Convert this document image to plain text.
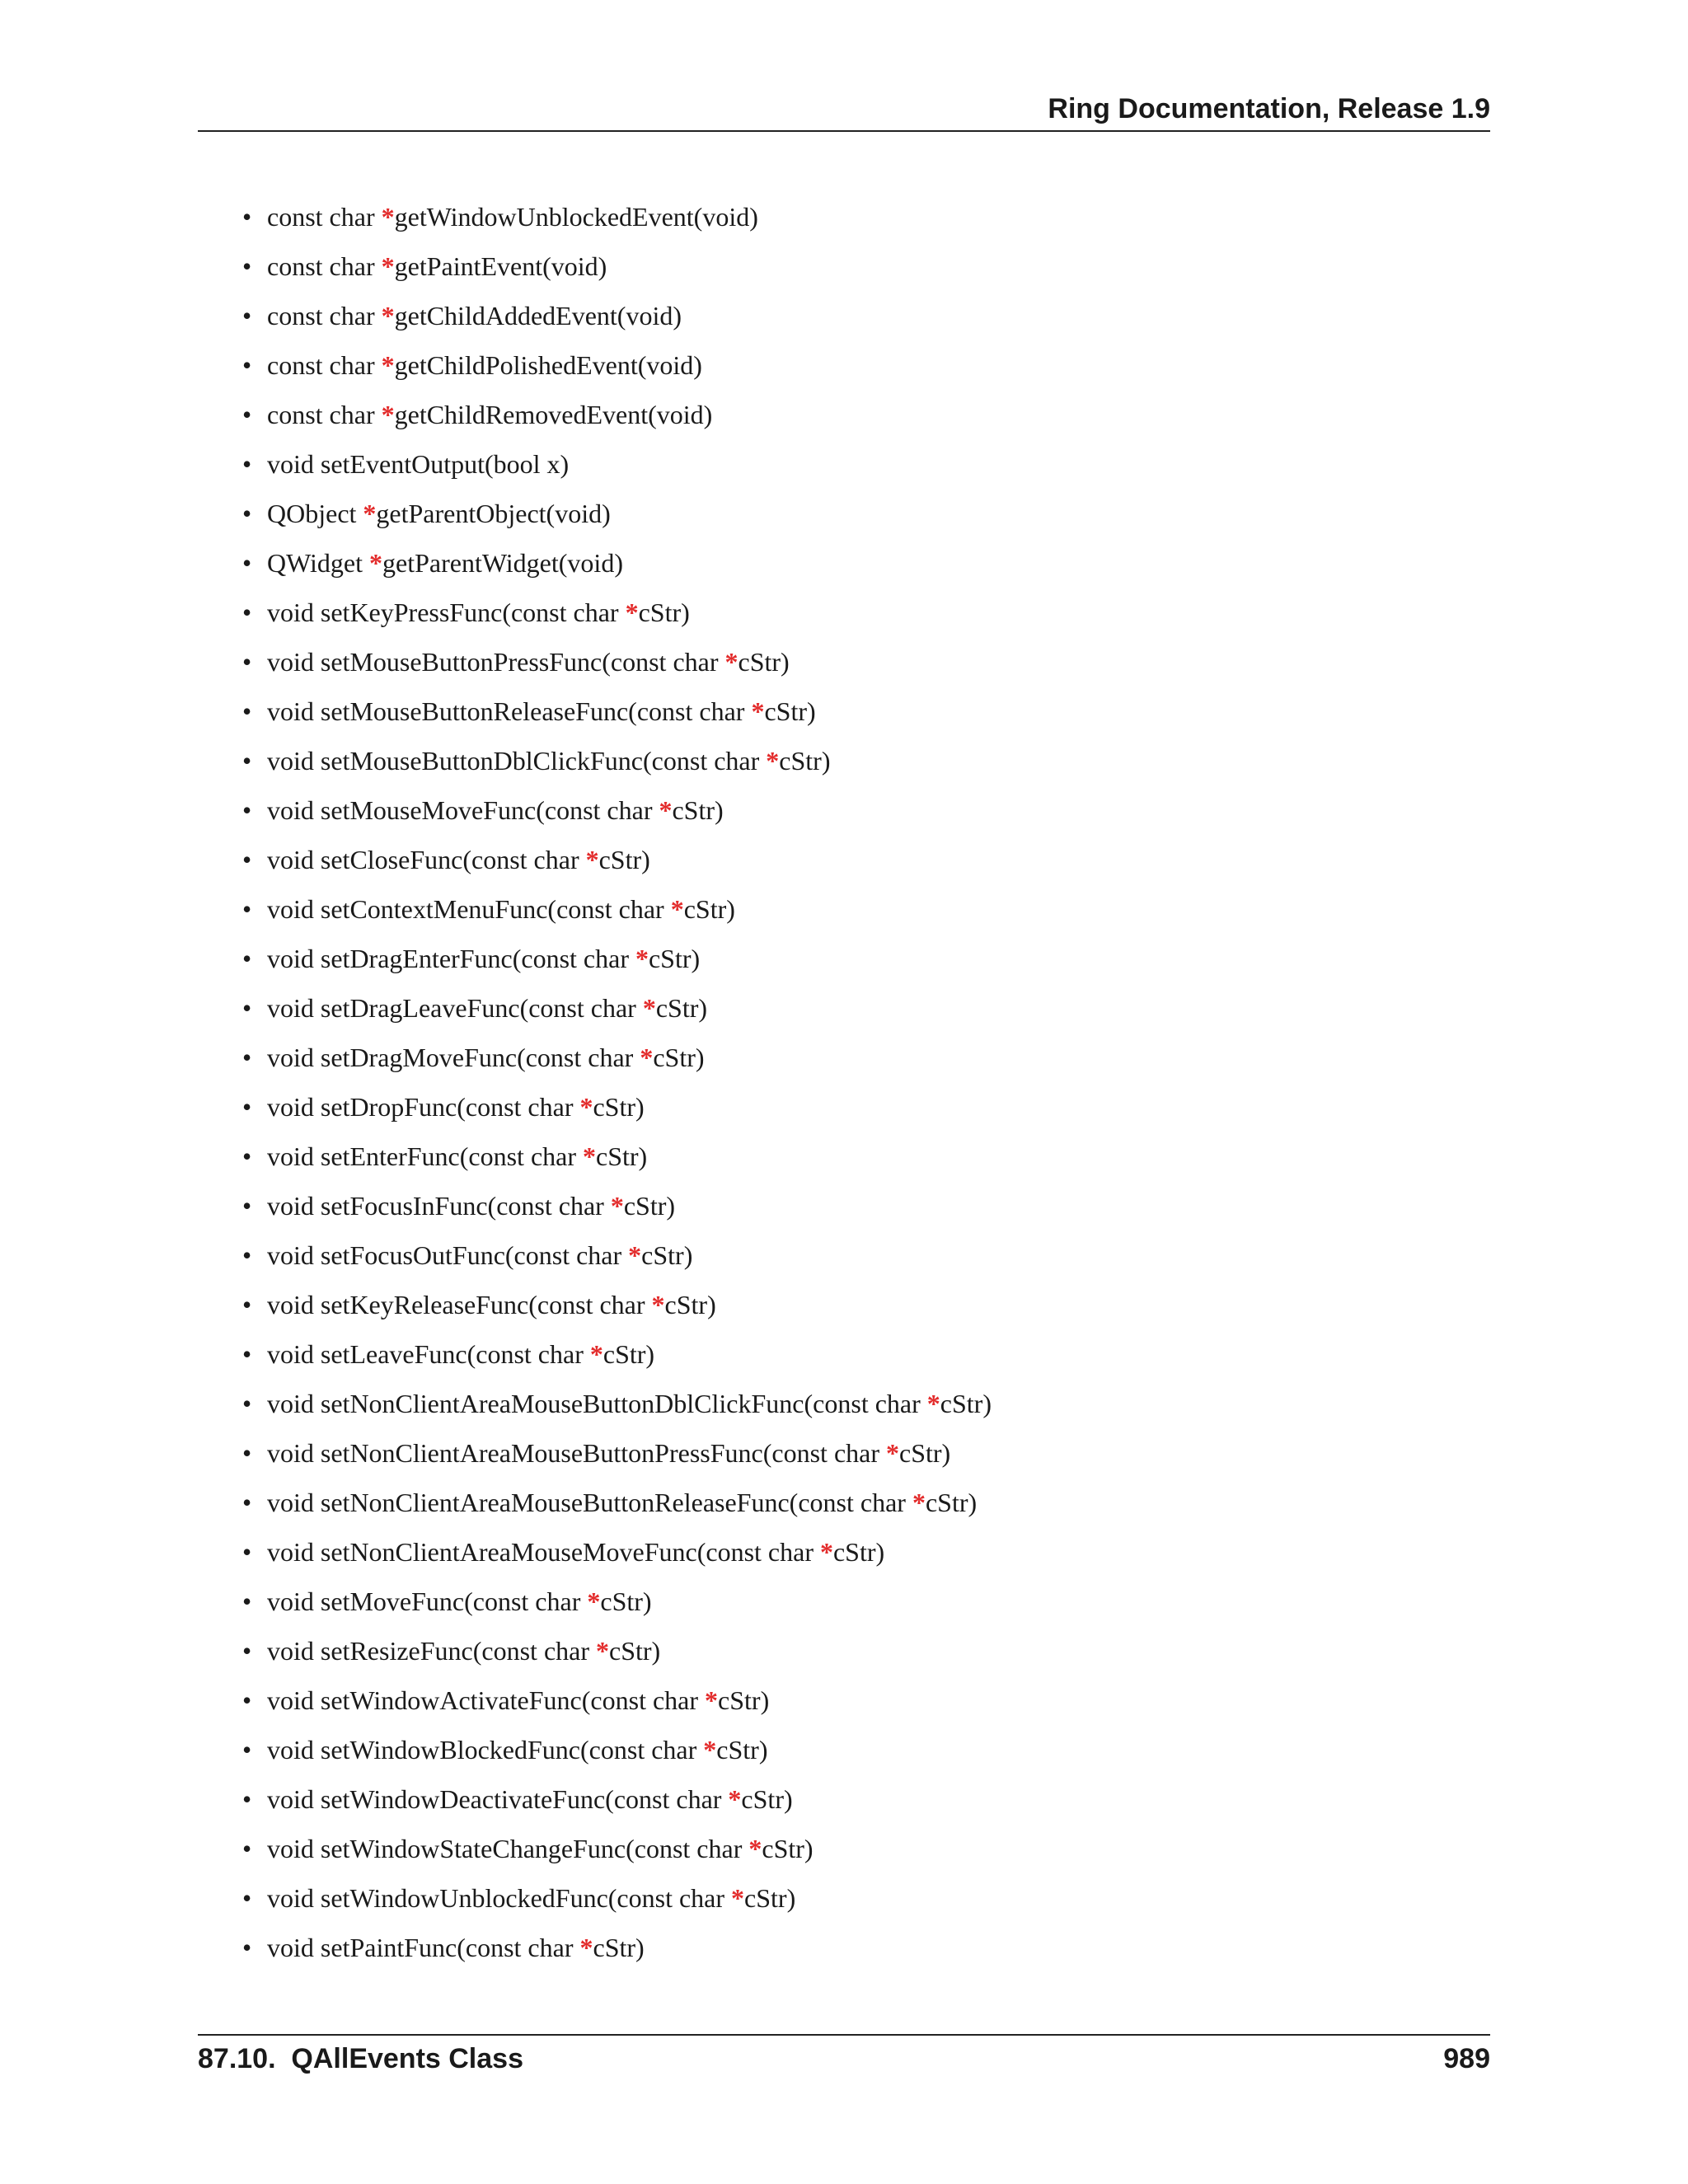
Ring Documentation, Release 1.9
• const char *getWindowUnblockedEvent(void)
• const char *getPaintEvent(void)
• const char *getChildAddedEvent(void)
• const char *getChildPolishedEvent(void)
• const char *getChildRemovedEvent(void)
• void setEventOutput(bool x)
• QObject *getParentObject(void)
• QWidget *getParentWidget(void)
• void setKeyPressFunc(const char *cStr)
• void setMouseButtonPressFunc(const char *cStr)
• void setMouseButtonReleaseFunc(const char *cStr)
• void setMouseButtonDblClickFunc(const char *cStr)
• void setMouseMoveFunc(const char *cStr)
• void setCloseFunc(const char *cStr)
• void setContextMenuFunc(const char *cStr)
• void setDragEnterFunc(const char *cStr)
• void setDragLeaveFunc(const char *cStr)
• void setDragMoveFunc(const char *cStr)
• void setDropFunc(const char *cStr)
• void setEnterFunc(const char *cStr)
• void setFocusInFunc(const char *cStr)
• void setFocusOutFunc(const char *cStr)
• void setKeyReleaseFunc(const char *cStr)
• void setLeaveFunc(const char *cStr)
• void setNonClientAreaMouseButtonDblClickFunc(const char *cStr)
• void setNonClientAreaMouseButtonPressFunc(const char *cStr)
• void setNonClientAreaMouseButtonReleaseFunc(const char *cStr)
• void setNonClientAreaMouseMoveFunc(const char *cStr)
• void setMoveFunc(const char *cStr)
• void setResizeFunc(const char *cStr)
• void setWindowActivateFunc(const char *cStr)
• void setWindowBlockedFunc(const char *cStr)
• void setWindowDeactivateFunc(const char *cStr)
• void setWindowStateChangeFunc(const char *cStr)
• void setWindowUnblockedFunc(const char *cStr)
• void setPaintFunc(const char *cStr)
87.10.  QAllEvents Class	989
